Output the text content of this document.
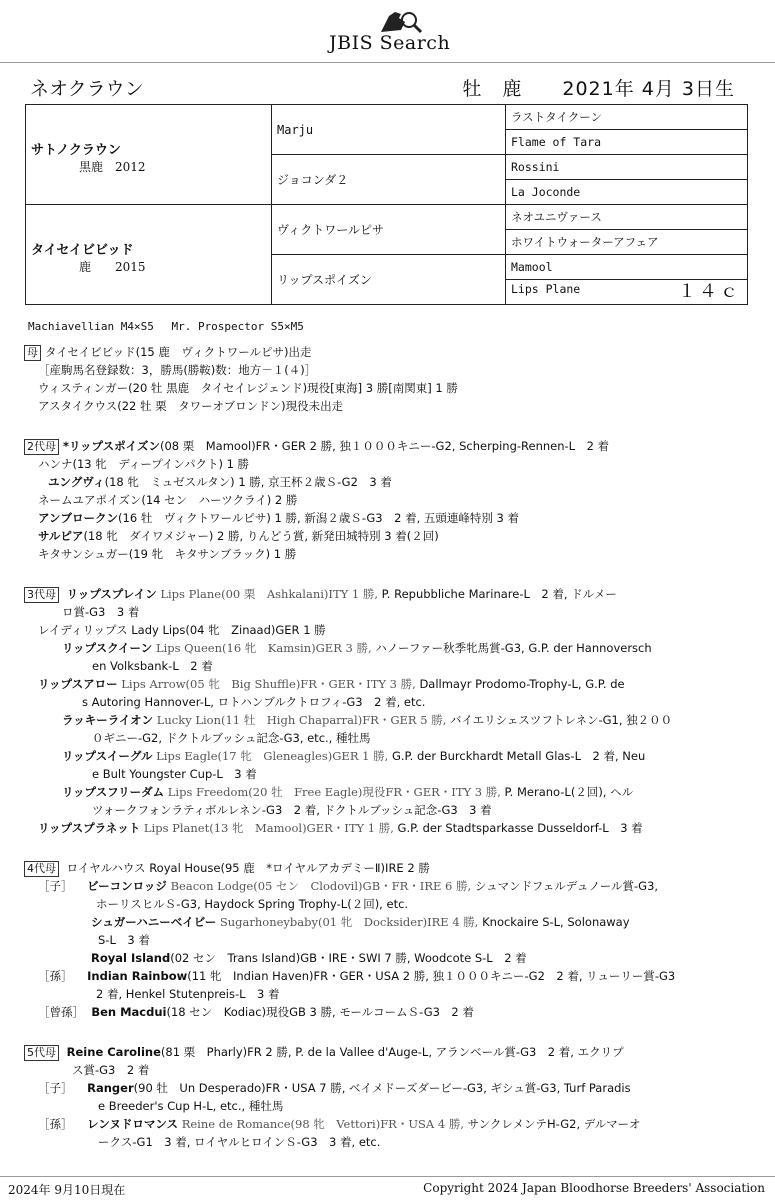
JBIS Search
ネオクラウン	牡　鹿　　2021年 4月 3日生
サトノクラウン
黒鹿　2012	Marju	ラストタイクーン
		Flame of Tara
	ジョコンダ２	Rossini
		La Joconde

タイセイビビッド
鹿　　2015	ヴィクトワールピサ	ネオユニヴァース
		ホワイトウォーターアフェア
	リップスポイズン	Mamool
		Lips Plane １４ｃ
Machiavellian M4×S5　 Mr. Prospector S5×M5
母 タイセイビビッド(15 鹿　ヴィクトワールピサ)出走
［産駒馬名登録数：3，勝馬(勝鞍)数：地方－１(４)］
ウィスティンガー(20 牡 黒鹿　タイセイレジェンド)現役[東海] 3 勝[南関東] 1 勝
アスタイクウス(22 牡 栗　タワーオブロンドン)現役未出走
2代母 *リップスポイズン(08 栗　Mamool)FR・GER 2 勝, 独１０００キニー-G2, Scherping-Rennen-L　2 着
ハンナ(13 牝　ディープインパクト) 1 勝
ユングヴィ(18 牝　ミュゼスルタン) 1 勝, 京王杯２歳Ｓ-G2　3 着
ネームユアポイズン(14 セン　ハーツクライ) 2 勝
アンブロークン(16 牡　ヴィクトワールピサ) 1 勝, 新潟２歳Ｓ-G3　2 着, 五頭連峰特別 3 着
サルピア(18 牝　ダイワメジャー) 2 勝, りんどう賞, 新発田城特別 3 着(２回)
キタサンシュガー(19 牝　キタサンブラック) 1 勝
3代母 リップスプレイン Lips Plane(00 栗　Ashkalani)ITY 1 勝, P. Repubbliche Marinare-L　2 着, ドルメー
ロ賞-G3　3 着
レイディリップス Lady Lips(04 牝　Zinaad)GER 1 勝
リップスクイーン Lips Queen(16 牝　Kamsin)GER 3 勝, ハノーファー秋季牝馬賞-G3, G.P. der Hannoversch
en Volksbank-L　2 着
リップスアロー Lips Arrow(05 牝　Big Shuffle)FR・GER・ITY 3 勝, Dallmayr Prodomo-Trophy-L, G.P. de
s Autoring Hannover-L, ロトハンブルクトロフィ-G3　2 着, etc.
ラッキーライオン Lucky Lion(11 牡　High Chaparral)FR・GER 5 勝, バイエリシェスツフトレネン-G1, 独２００
０ギニー-G2, ドクトルブッシュ記念-G3, etc., 種牡馬
リップスイーグル Lips Eagle(17 牝　Gleneagles)GER 1 勝, G.P. der Burckhardt Metall Glas-L　2 着, Neu
e Bult Youngster Cup-L　3 着
リップスフリーダム Lips Freedom(20 牡　Free Eagle)現役FR・GER・ITY 3 勝, P. Merano-L(２回), ヘル
ツォークフォンラティボルレネン-G3　2 着, ドクトルブッシュ記念-G3　3 着
リップスプラネット Lips Planet(13 牝　Mamool)GER・ITY 1 勝, G.P. der Stadtsparkasse Dusseldorf-L　3 着
4代母 ロイヤルハウス Royal House(95 鹿　*ロイヤルアカデミーⅡ)IRE 2 勝
［子］ ビーコンロッジ Beacon Lodge(05 セン　Clodovil)GB・FR・IRE 6 勝, シュマンドフェルデュノール賞-G3,
ホーリスヒルＳ-G3, Haydock Spring Trophy-L(２回), etc.
シュガーハニーベイビー Sugarhoneybaby(01 牝　Docksider)IRE 4 勝, Knockaire S-L, Solonaway
S-L　3 着
Royal Island(02 セン　Trans Island)GB・IRE・SWI 7 勝, Woodcote S-L　2 着
［孫］ Indian Rainbow(11 牝　Indian Haven)FR・GER・USA 2 勝, 独１０００キニー-G2　2 着, リューリー賞-G3
2 着, Henkel Stutenpreis-L　3 着
［曾孫］ Ben Macdui(18 セン　Kodiac)現役GB 3 勝, モールコームＳ-G3　2 着
5代母 Reine Caroline(81 栗　Pharly)FR 2 勝, P. de la Vallee d'Auge-L, アランベール賞-G3　2 着, エクリプ
ス賞-G3　2 着
［子］ Ranger(90 牡　Un Desperado)FR・USA 7 勝, ベイメドーズダービー-G3, ギシュ賞-G3, Turf Paradis
e Breeder's Cup H-L, etc., 種牡馬
［孫］ レンヌドロマンス Reine de Romance(98 牝　Vettori)FR・USA 4 勝, サンクレメンテH-G2, デルマーオ
ークス-G1　3 着, ロイヤルヒロインＳ-G3　3 着, etc.
2024年 9月10日現在	Copyright 2024 Japan Bloodhorse Breeders' Association
